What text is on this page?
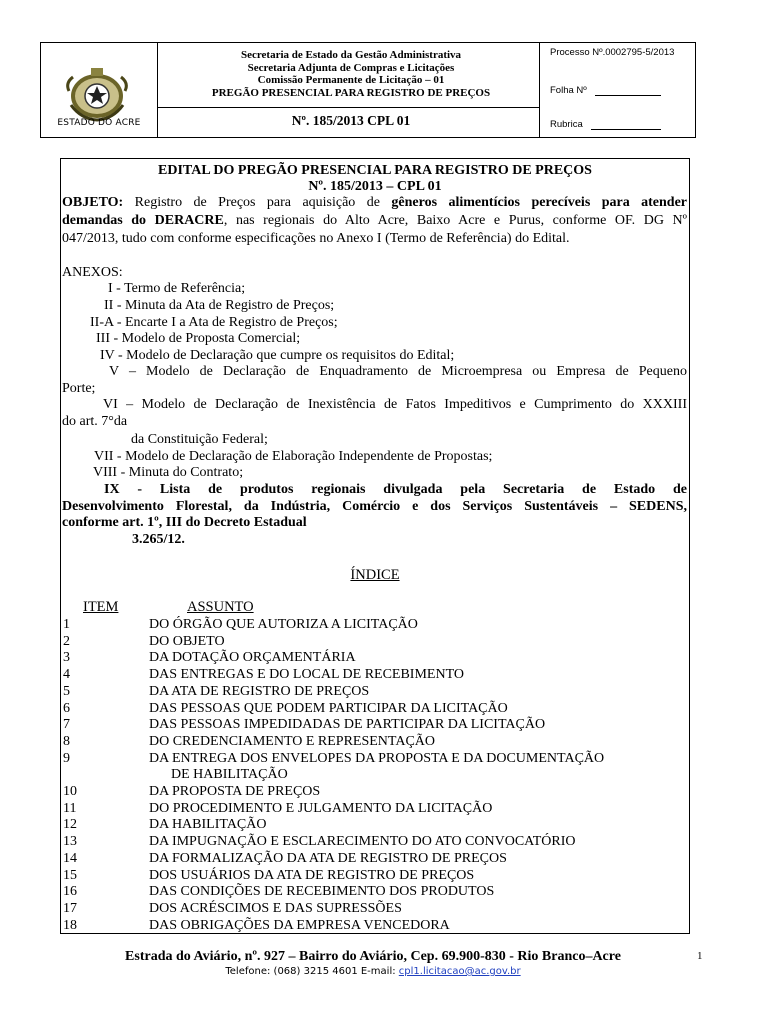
ESTADO DO ACRE
Secretaria de Estado da Gestão Administrativa
Secretaria Adjunta de Compras e Licitações
Comissão Permanente de Licitação – 01
PREGÃO PRESENCIAL PARA REGISTRO DE PREÇOS
Nº. 185/2013 CPL 01
Processo Nº.0002795-5/2013
Folha Nº
Rubrica
EDITAL DO PREGÃO PRESENCIAL PARA REGISTRO DE PREÇOS
Nº. 185/2013 – CPL 01
OBJETO: Registro de Preços para aquisição de gêneros alimentícios perecíveis para atender
demandas do DERACRE, nas regionais do Alto Acre, Baixo Acre e Purus, conforme OF. DG Nº
047/2013, tudo com conforme especificações no Anexo I (Termo de Referência) do Edital.
ANEXOS:
I - Termo de Referência;
II - Minuta da Ata de Registro de Preços;
II-A - Encarte I a Ata de Registro de Preços;
III - Modelo de Proposta Comercial;
IV - Modelo de Declaração que cumpre os requisitos do Edital;
V – Modelo de Declaração de Enquadramento de Microempresa ou Empresa de Pequeno
Porte;
VI – Modelo de Declaração de Inexistência de Fatos Impeditivos e Cumprimento do XXXIII
do art. 7°da
da Constituição Federal;
VII - Modelo de Declaração de Elaboração Independente de Propostas;
VIII - Minuta do Contrato;
IX - Lista de produtos regionais divulgada pela Secretaria de Estado de
Desenvolvimento Florestal, da Indústria, Comércio e dos Serviços Sustentáveis – SEDENS,
conforme art. 1º, III do Decreto Estadual
3.265/12.
ÍNDICE
ITEM	ASSUNTO
1	DO ÓRGÃO QUE AUTORIZA A LICITAÇÃO
2	DO OBJETO
3	DA DOTAÇÃO ORÇAMENTÁRIA
4	DAS ENTREGAS E DO LOCAL DE RECEBIMENTO
5	DA ATA DE REGISTRO DE PREÇOS
6	DAS PESSOAS QUE PODEM PARTICIPAR DA LICITAÇÃO
7	DAS PESSOAS IMPEDIDADAS DE PARTICIPAR DA LICITAÇÃO
8	DO CREDENCIAMENTO E REPRESENTAÇÃO
9	DA ENTREGA DOS ENVELOPES DA PROPOSTA E DA DOCUMENTAÇÃO
DE HABILITAÇÃO
10	DA PROPOSTA DE PREÇOS
11	DO PROCEDIMENTO E JULGAMENTO DA LICITAÇÃO
12	DA HABILITAÇÃO
13	DA IMPUGNAÇÃO E ESCLARECIMENTO DO ATO CONVOCATÓRIO
14	DA FORMALIZAÇÃO DA ATA DE REGISTRO DE PREÇOS
15	DOS USUÁRIOS DA ATA DE REGISTRO DE PREÇOS
16	DAS CONDIÇÕES DE RECEBIMENTO DOS PRODUTOS
17	DOS ACRÉSCIMOS E DAS SUPRESSÕES
18	DAS OBRIGAÇÕES DA EMPRESA VENCEDORA
Estrada do Aviário, nº. 927 – Bairro do Aviário, Cep. 69.900-830 - Rio Branco–Acre
Telefone: (068) 3215 4601 E-mail: cpl1.licitacao@ac.gov.br
1
